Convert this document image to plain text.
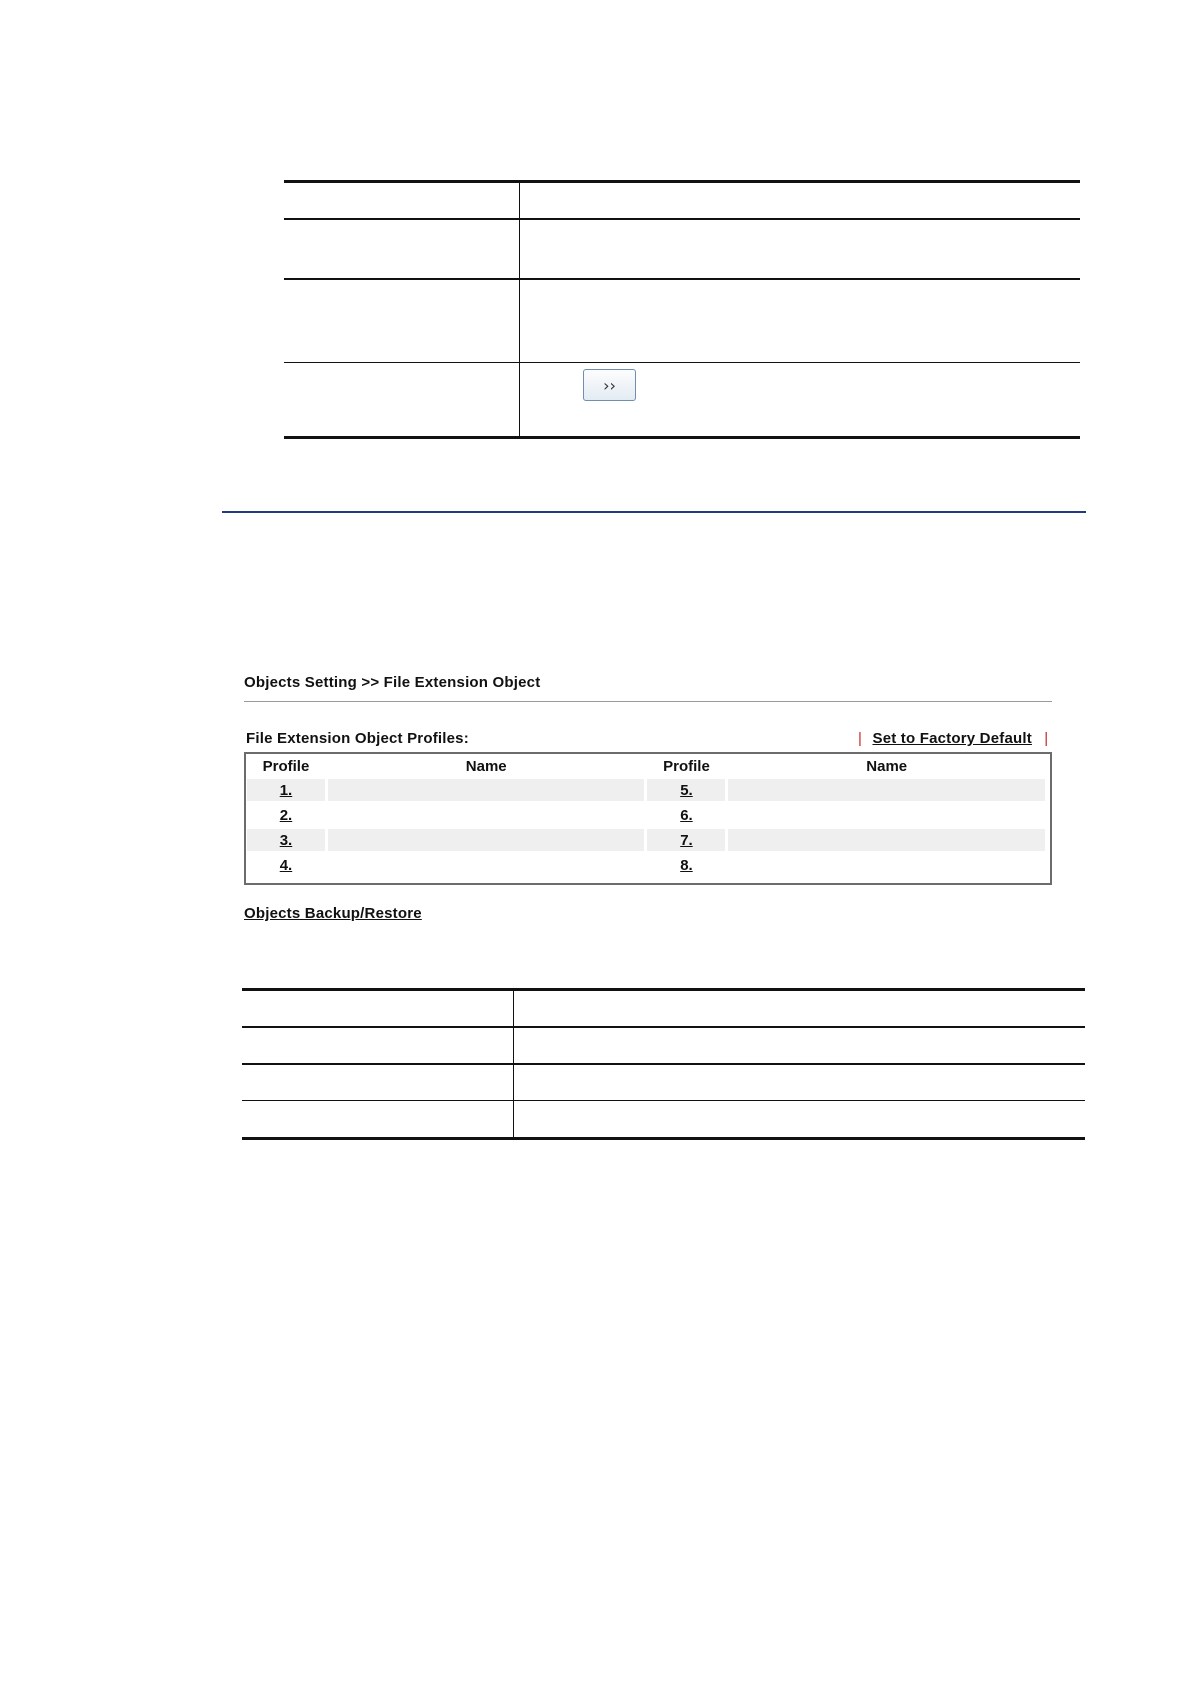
››
Objects Setting >> File Extension Object
File Extension Object Profiles:	| Set to Factory Default |
Profile	Name	Profile	Name
1.		5.	
2.		6.	
3.		7.	
4.		8.	
Objects Backup/Restore
